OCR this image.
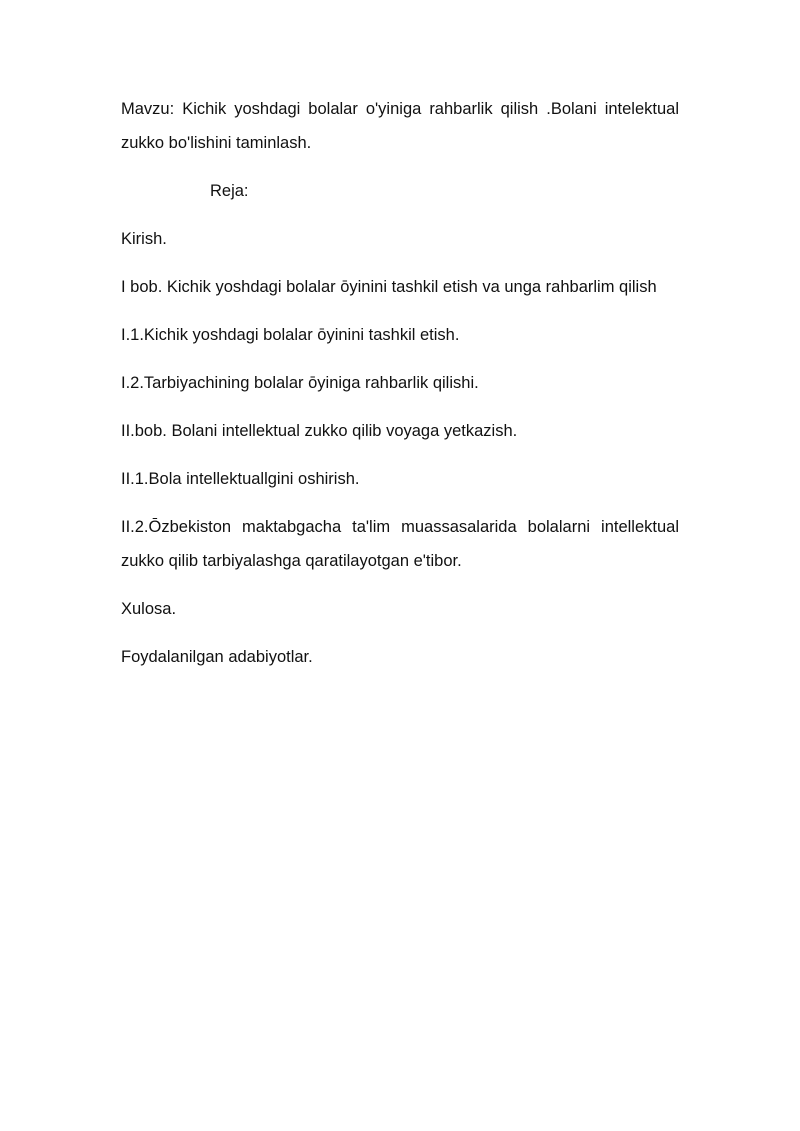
Mavzu: Kichik yoshdagi bolalar o'yiniga rahbarlik qilish .Bolani intelektual zukko bo'lishini taminlash.

Reja:

Kirish.

I bob. Kichik yoshdagi bolalar ōyinini tashkil etish va unga rahbarlim qilish

I.1.Kichik yoshdagi bolalar ōyinini tashkil etish.

I.2.Tarbiyachining bolalar ōyiniga rahbarlik qilishi.

II.bob. Bolani intellektual zukko qilib voyaga yetkazish.

II.1.Bola intellektuallgini oshirish.

II.2.Ōzbekiston maktabgacha ta'lim muassasalarida bolalarni intellektual zukko qilib tarbiyalashga qaratilayotgan e'tibor.

Xulosa.

Foydalanilgan adabiyotlar.
